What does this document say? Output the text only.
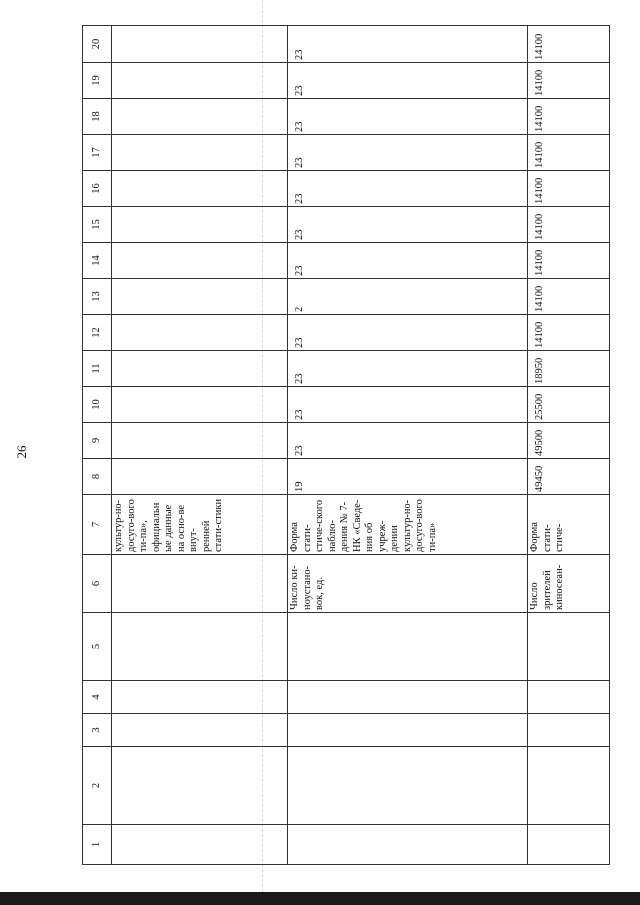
26
1	2	3	4	5	6	7	8	9	10	11	12	13	14	15	16	17	18	19	20
						культур-но-досуго-вого ти-па», официальные данные на осно-ве внут-ренней стати-стики													
					Число ки-ноустано-вок, ед.	Форма стати-стиче-ского наблю-дения № 7-НК «Сведе-ния об учреж-дении культур-но-досуго-вого ти-па»	19	23	23	23	23	2	23	23	23	23	23	23	23
					Число зрителей киносеан-	Форма стати-стиче-	49450	49500	25500	18950	14100	14100	14100	14100	14100	14100	14100	14100	14100
